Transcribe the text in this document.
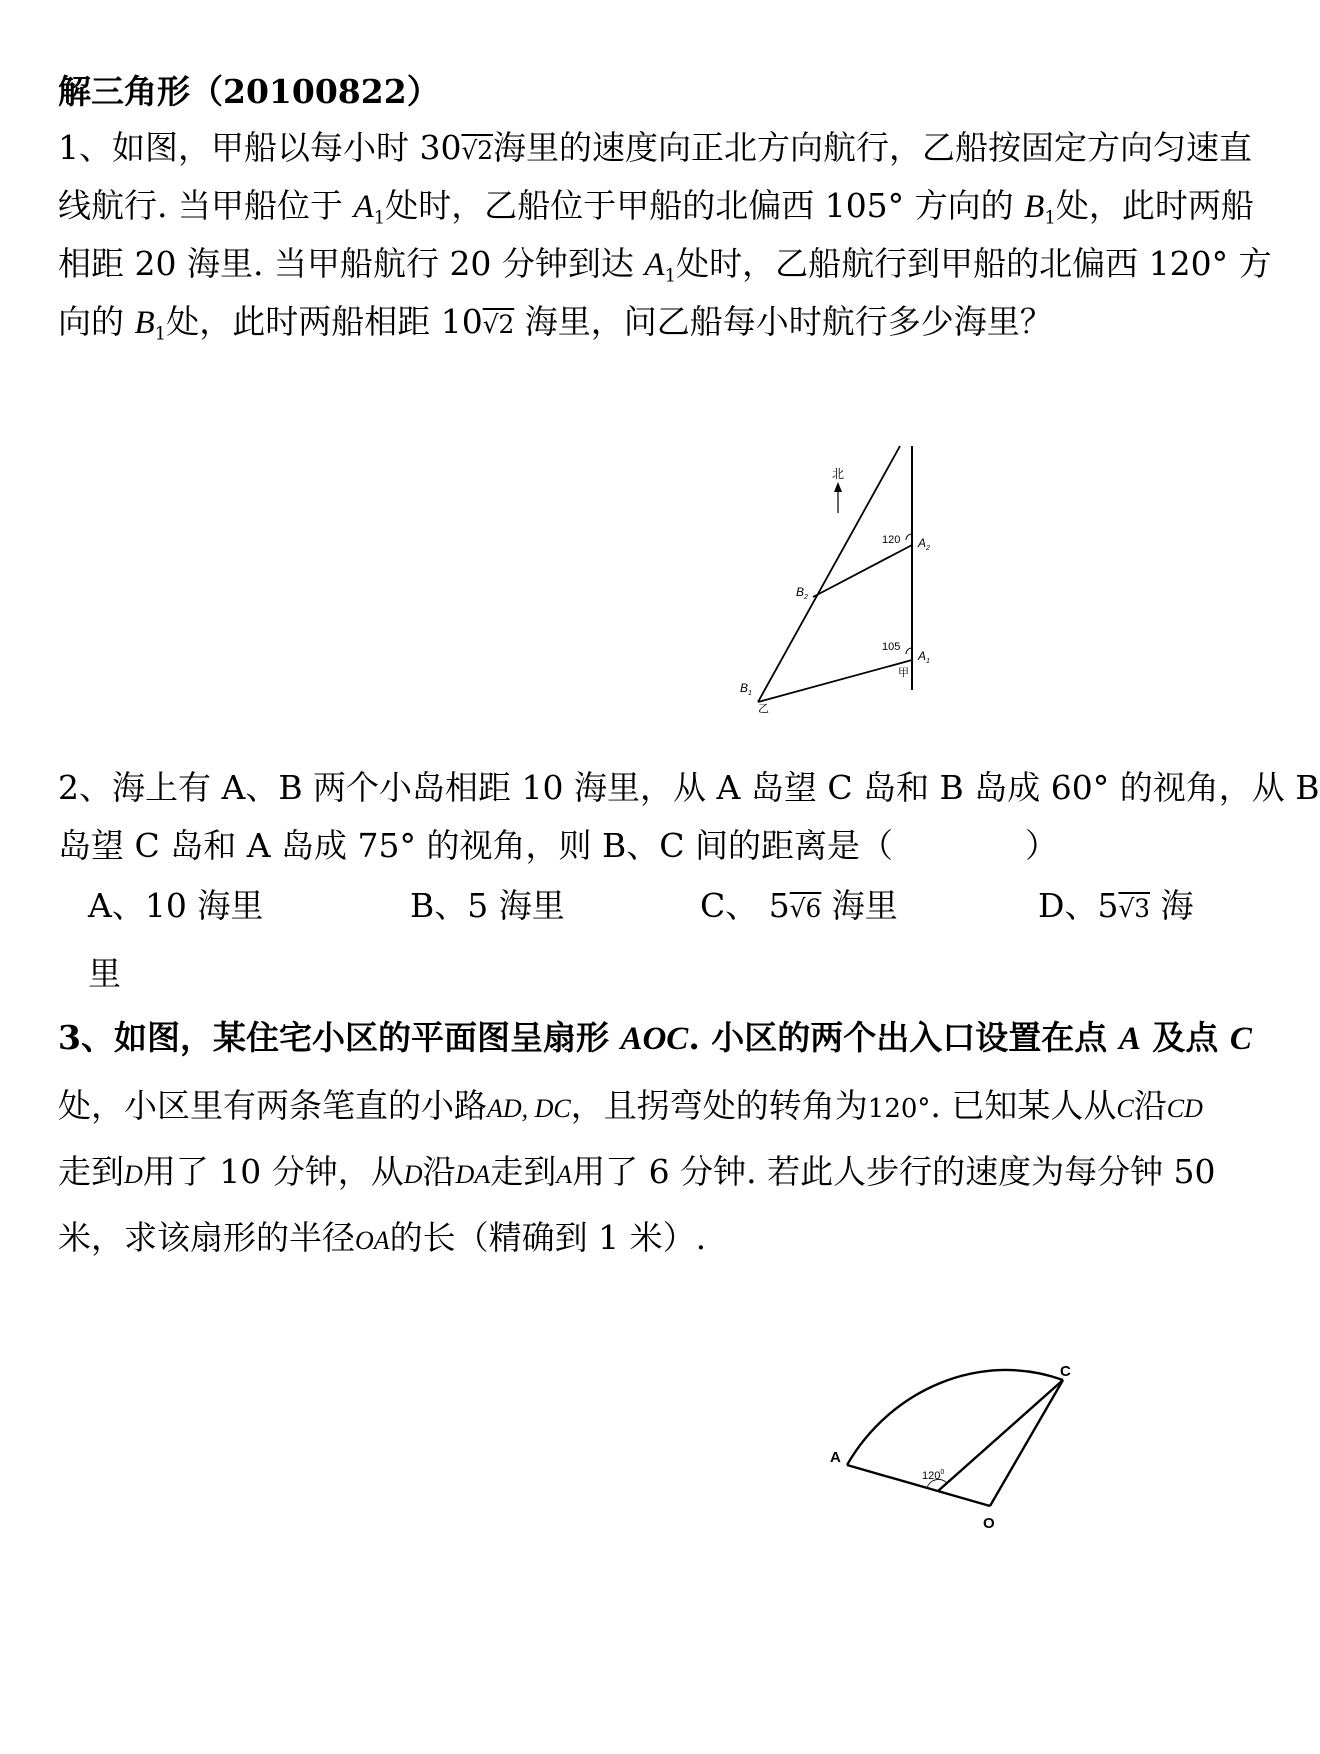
解三角形（20100822）
1、如图，甲船以每小时 30√2海里的速度向正北方向航行，乙船按固定方向匀速直
线航行. 当甲船位于 $A_1$处时，乙船位于甲船的北偏西 105° 方向的 $B_1$处，此时两船
相距 20 海里. 当甲船航行 20 分钟到达 $A_1$处时，乙船航行到甲船的北偏西 120° 方
向的 $B_1$处，此时两船相距 10√2 海里，问乙船每小时航行多少海里？
北
120
105
$A_2$
$A_1$
$B_2$
$B_1$
甲
乙
2、海上有 A、B 两个小岛相距 10 海里，从 A 岛望 C 岛和 B 岛成 60° 的视角，从 B
岛望 C 岛和 A 岛成 75° 的视角，则 B、C 间的距离是（　　　　）
A、10 海里	B、5 海里	C、 5√6 海里	D、5√3 海
里
3、如图，某住宅小区的平面图呈扇形 AOC. 小区的两个出入口设置在点 A 及点 C
处，小区里有两条笔直的小路AD, DC，且拐弯处的转角为120°. 已知某人从C沿CD
走到D用了 10 分钟，从D沿DA走到A用了 6 分钟. 若此人步行的速度为每分钟 50
米，求该扇形的半径OA的长（精确到 1 米）.
$120^0$
A
C
O
